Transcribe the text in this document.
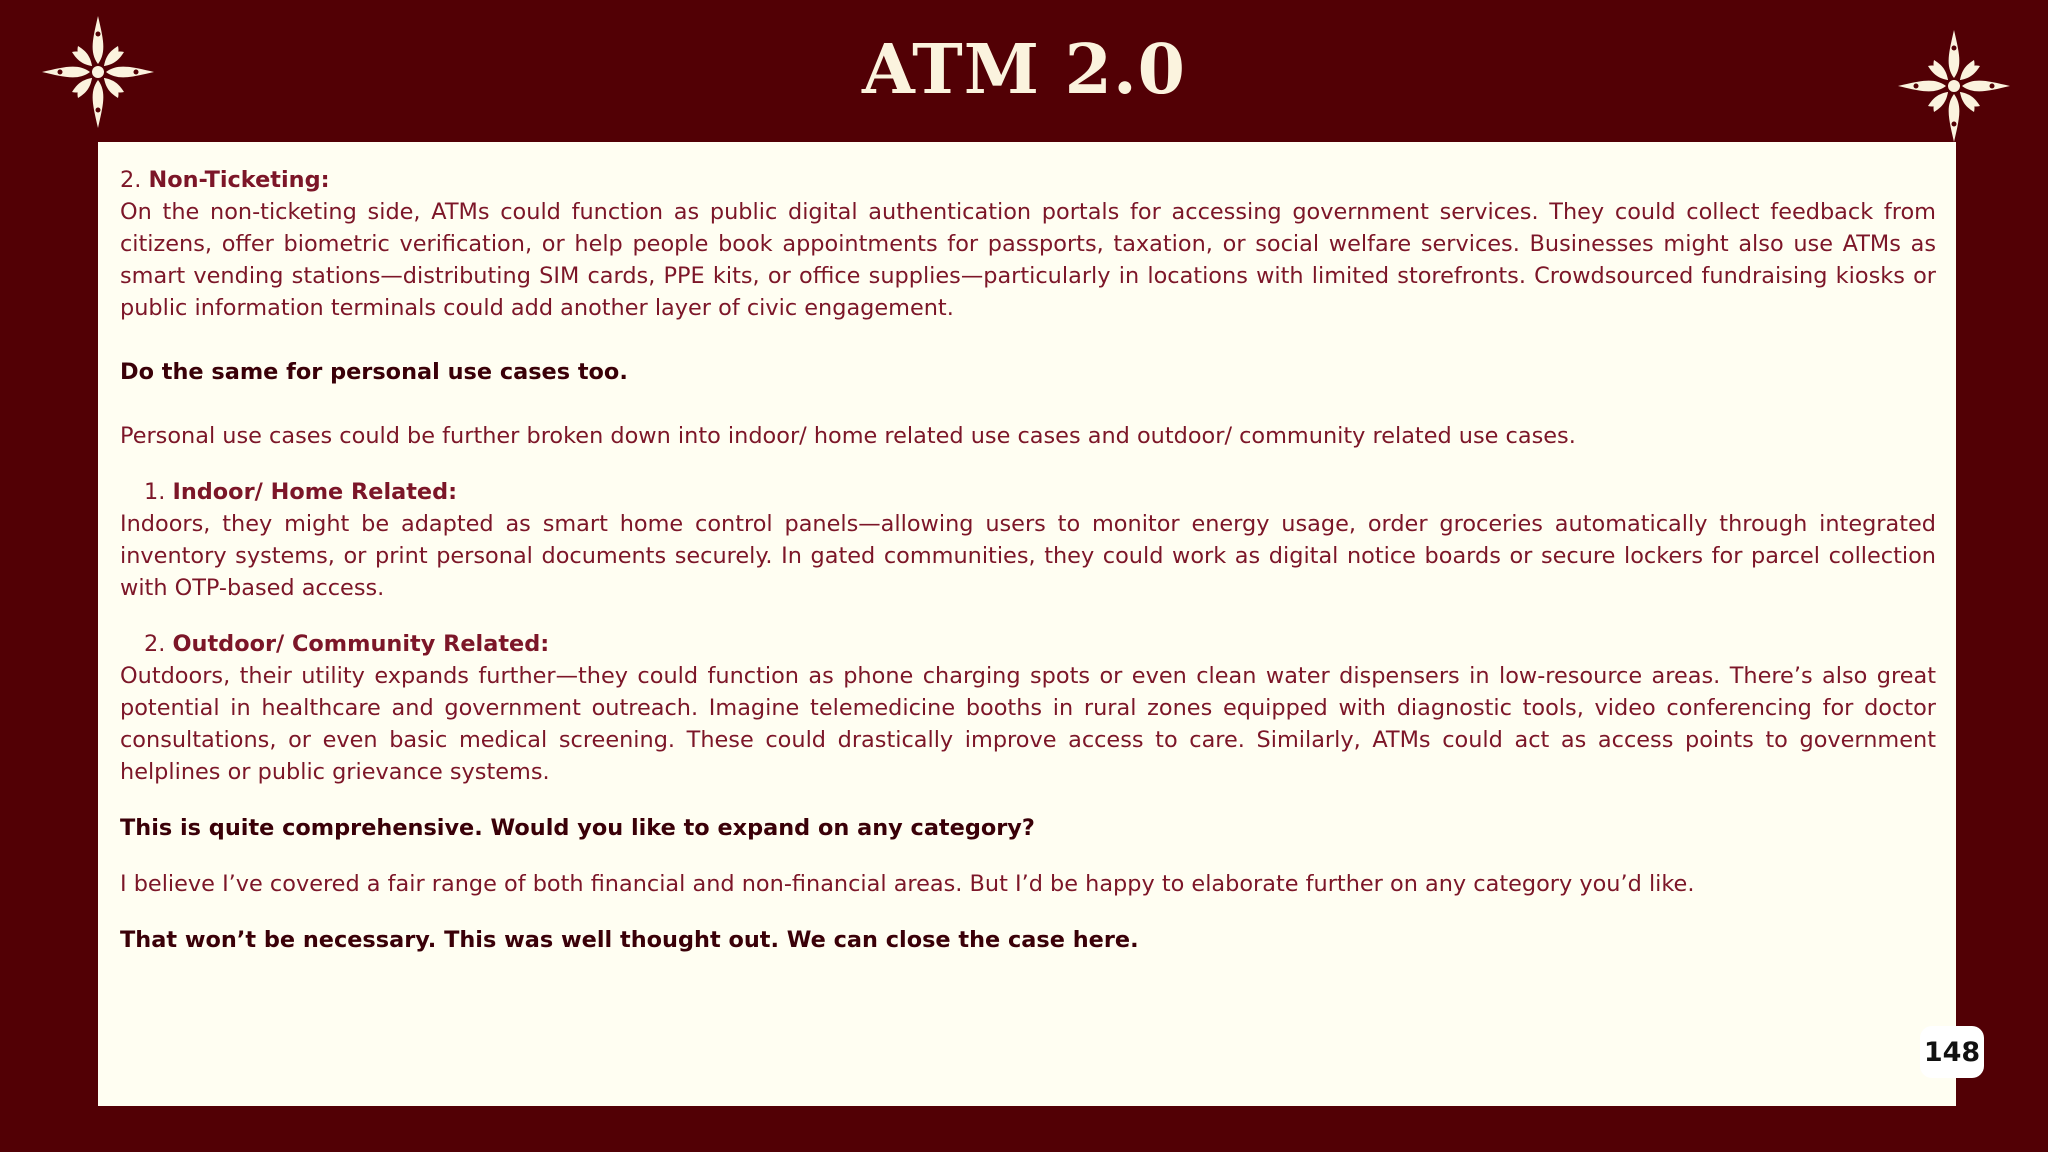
ATM 2.0

2. Non-Ticketing:

On the non-ticketing side, ATMs could function as public digital authentication portals for accessing government services. They could collect feedback from citizens, offer biometric verification, or help people book appointments for passports, taxation, or social welfare services. Businesses might also use ATMs as smart vending stations—distributing SIM cards, PPE kits, or office supplies—particularly in locations with limited storefronts. Crowdsourced fundraising kiosks or public information terminals could add another layer of civic engagement.

Do the same for personal use cases too.

Personal use cases could be further broken down into indoor/ home related use cases and outdoor/ community related use cases.

1. Indoor/ Home Related:

Indoors, they might be adapted as smart home control panels—allowing users to monitor energy usage, order groceries automatically through integrated inventory systems, or print personal documents securely. In gated communities, they could work as digital notice boards or secure lockers for parcel collection with OTP-based access.

2. Outdoor/ Community Related:

Outdoors, their utility expands further—they could function as phone charging spots or even clean water dispensers in low-resource areas. There’s also great potential in healthcare and government outreach. Imagine telemedicine booths in rural zones equipped with diagnostic tools, video conferencing for doctor consultations, or even basic medical screening. These could drastically improve access to care. Similarly, ATMs could act as access points to government helplines or public grievance systems.

This is quite comprehensive. Would you like to expand on any category?

I believe I’ve covered a fair range of both financial and non-financial areas. But I’d be happy to elaborate further on any category you’d like.

That won’t be necessary. This was well thought out. We can close the case here.

148
